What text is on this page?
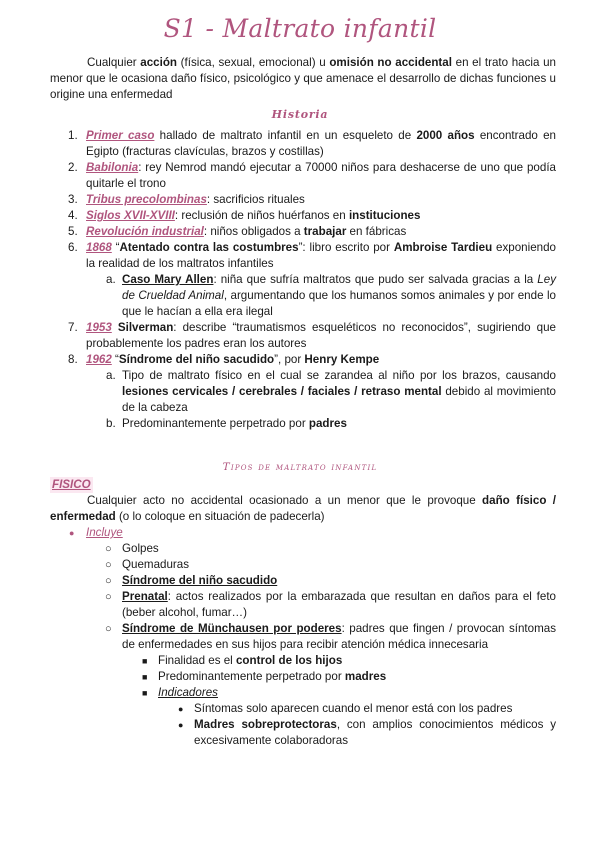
S1 - Maltrato infantil
Cualquier acción (física, sexual, emocional) u omisión no accidental en el trato hacia un menor que le ocasiona daño físico, psicológico y que amenace el desarrollo de dichas funciones u origine una enfermedad
Historia
1. Primer caso hallado de maltrato infantil en un esqueleto de 2000 años encontrado en Egipto (fracturas clavículas, brazos y costillas)
2. Babilonia: rey Nemrod mandó ejecutar a 70000 niños para deshacerse de uno que podía quitarle el trono
3. Tribus precolombinas: sacrificios rituales
4. Siglos XVII-XVIII: reclusión de niños huérfanos en instituciones
5. Revolución industrial: niños obligados a trabajar en fábricas
6. 1868 “Atentado contra las costumbres”: libro escrito por Ambroise Tardieu exponiendo la realidad de los maltratos infantiles
a. Caso Mary Allen: niña que sufría maltratos que pudo ser salvada gracias a la Ley de Crueldad Animal, argumentando que los humanos somos animales y por ende lo que le hacían a ella era ilegal
7. 1953 Silverman: describe “traumatismos esqueléticos no reconocidos”, sugiriendo que probablemente los padres eran los autores
8. 1962 “Síndrome del niño sacudido”, por Henry Kempe
a. Tipo de maltrato físico en el cual se zarandea al niño por los brazos, causando lesiones cervicales / cerebrales / faciales / retraso mental debido al movimiento de la cabeza
b. Predominantemente perpetrado por padres
Tipos de maltrato infantil
FISICO
Cualquier acto no accidental ocasionado a un menor que le provoque daño físico / enfermedad (o lo coloque en situación de padecerla)
● Incluye
○ Golpes
○ Quemaduras
○ Síndrome del niño sacudido
○ Prenatal: actos realizados por la embarazada que resultan en daños para el feto (beber alcohol, fumar…)
○ Síndrome de Münchausen por poderes: padres que fingen / provocan síntomas de enfermedades en sus hijos para recibir atención médica innecesaria
■ Finalidad es el control de los hijos
■ Predominantemente perpetrado por madres
■ Indicadores
● Síntomas solo aparecen cuando el menor está con los padres
● Madres sobreprotectoras, con amplios conocimientos médicos y excesivamente colaboradoras
